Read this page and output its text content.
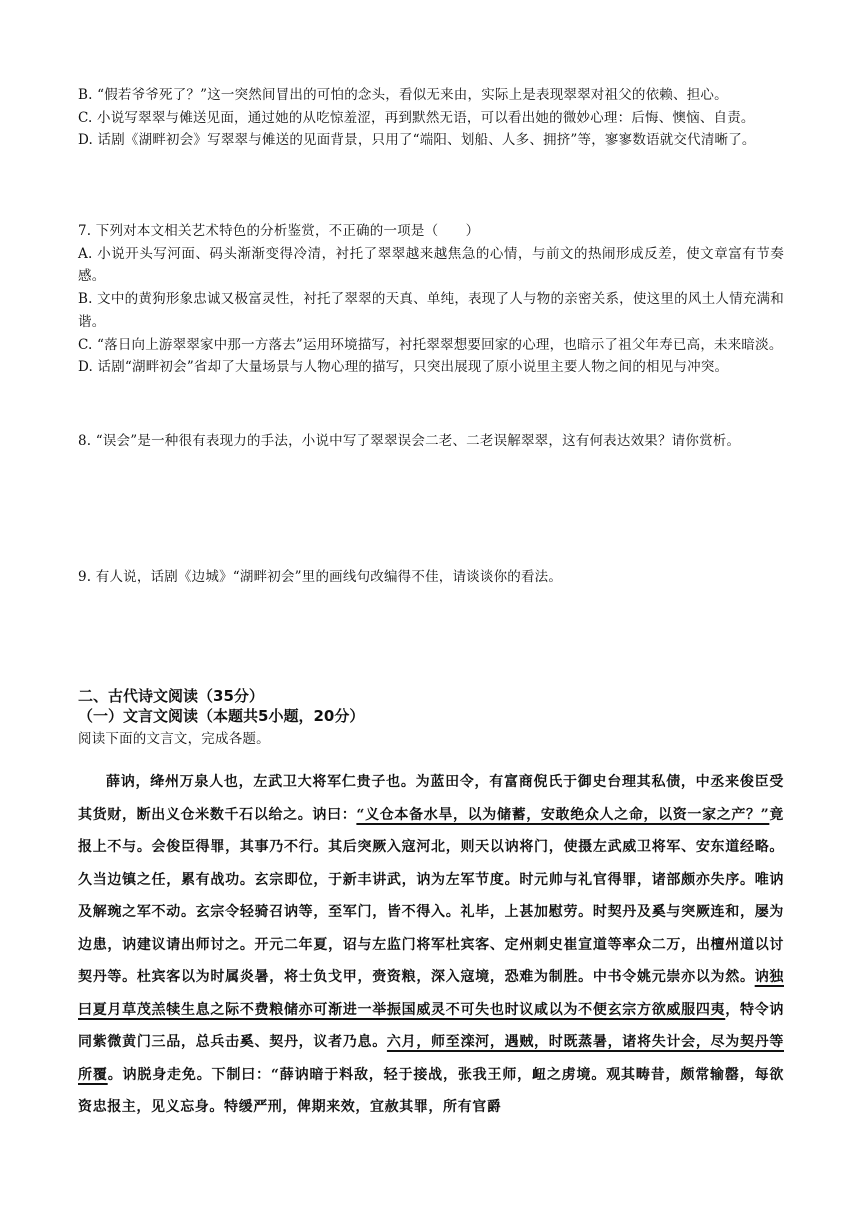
B. “假若爷爷死了？”这一突然间冒出的可怕的念头，看似无来由，实际上是表现翠翠对祖父的依赖、担心。

C. 小说写翠翠与傩送见面，通过她的从吃惊羞涩，再到默然无语，可以看出她的微妙心理：后悔、懊恼、自责。

D. 话剧《湖畔初会》写翠翠与傩送的见面背景，只用了“端阳、划船、人多、拥挤”等，寥寥数语就交代清晰了。

7. 下列对本文相关艺术特色的分析鉴赏，不正确的一项是（　　）

A. 小说开头写河面、码头渐渐变得冷清，衬托了翠翠越来越焦急的心情，与前文的热闹形成反差，使文章富有节奏感。

B. 文中的黄狗形象忠诚又极富灵性，衬托了翠翠的天真、单纯，表现了人与物的亲密关系，使这里的风土人情充满和谐。

C. “落日向上游翠翠家中那一方落去”运用环境描写，衬托翠翠想要回家的心理，也暗示了祖父年寿已高，未来暗淡。

D. 话剧“湖畔初会”省却了大量场景与人物心理的描写，只突出展现了原小说里主要人物之间的相见与冲突。

8. “误会”是一种很有表现力的手法，小说中写了翠翠误会二老、二老误解翠翠，这有何表达效果？请你赏析。

9. 有人说，话剧《边城》“湖畔初会”里的画线句改编得不佳，请谈谈你的看法。

二、古代诗文阅读（35分）

（一）文言文阅读（本题共5小题，20分）

阅读下面的文言文，完成各题。

薛讷，绛州万泉人也，左武卫大将军仁贵子也。为蓝田令，有富商倪氏于御史台理其私债，中丞来俊臣受其货财，断出义仓米数千石以给之。讷曰：“义仓本备水旱，以为储蓄，安敢绝众人之命，以资一家之产？”竟报上不与。会俊臣得罪，其事乃不行。其后突厥入寇河北，则天以讷将门，使摄左武威卫将军、安东道经略。久当边镇之任，累有战功。玄宗即位，于新丰讲武，讷为左军节度。时元帅与礼官得罪，诸部颇亦失序。唯讷及解琬之军不动。玄宗令轻骑召讷等，至军门，皆不得入。礼毕，上甚加慰劳。时契丹及奚与突厥连和，屡为边患，讷建议请出师讨之。开元二年夏，诏与左监门将军杜宾客、定州刺史崔宣道等率众二万，出檀州道以讨契丹等。杜宾客以为时属炎暑，将士负戈甲，赍资粮，深入寇境，恐难为制胜。中书令姚元崇亦以为然。讷独曰夏月草茂羔犊生息之际不费粮储亦可渐进一举振国威灵不可失也时议咸以为不便玄宗方欲威服四夷，特令讷同紫微黄门三品，总兵击奚、契丹，议者乃息。六月，师至滦河，遇贼，时既蒸暑，诸将失计会，尽为契丹等所覆。讷脱身走免。下制曰：“薛讷暗于料敌，轻于接战，张我王师，衄之虏境。观其畴昔，颇常输罄，每欲资忠报主，见义忘身。特缓严刑，俾期来效，宜赦其罪，所有官爵
